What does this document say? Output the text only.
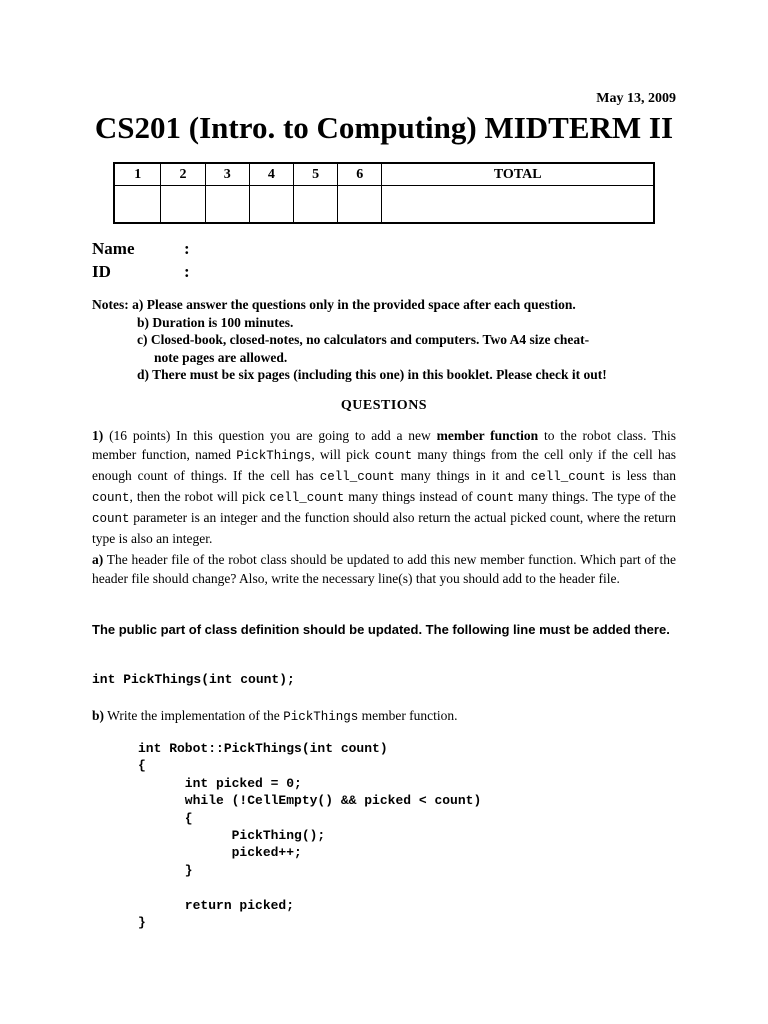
May 13, 2009
CS201 (Intro. to Computing) MIDTERM II
1	2	3	4	5	6	TOTAL

Name	:
ID	:
Notes: a) Please answer the questions only in the provided space after each question.
b) Duration is 100 minutes.
c) Closed-book, closed-notes, no calculators and computers. Two A4 size cheat-
note pages are allowed.
d) There must be six pages (including this one) in this booklet. Please check it out!
QUESTIONS
1) (16 points) In this question you are going to add a new member function to the robot class. This member function, named PickThings, will pick count many things from the cell only if the cell has enough count of things. If the cell has cell_count many things in it and cell_count is less than count, then the robot will pick cell_count many things instead of count many things. The type of the count parameter is an integer and the function should also return the actual picked count, where the return type is also an integer.
a) The header file of the robot class should be updated to add this new member function. Which part of the header file should change? Also, write the necessary line(s) that you should add to the header file.
The public part of class definition should be updated. The following line must be added there.
int PickThings(int count);
b) Write the implementation of the PickThings member function.
int Robot::PickThings(int count)
{
int picked = 0;
while (!CellEmpty() && picked < count)
{
PickThing();
picked++;
}

return picked;
}
